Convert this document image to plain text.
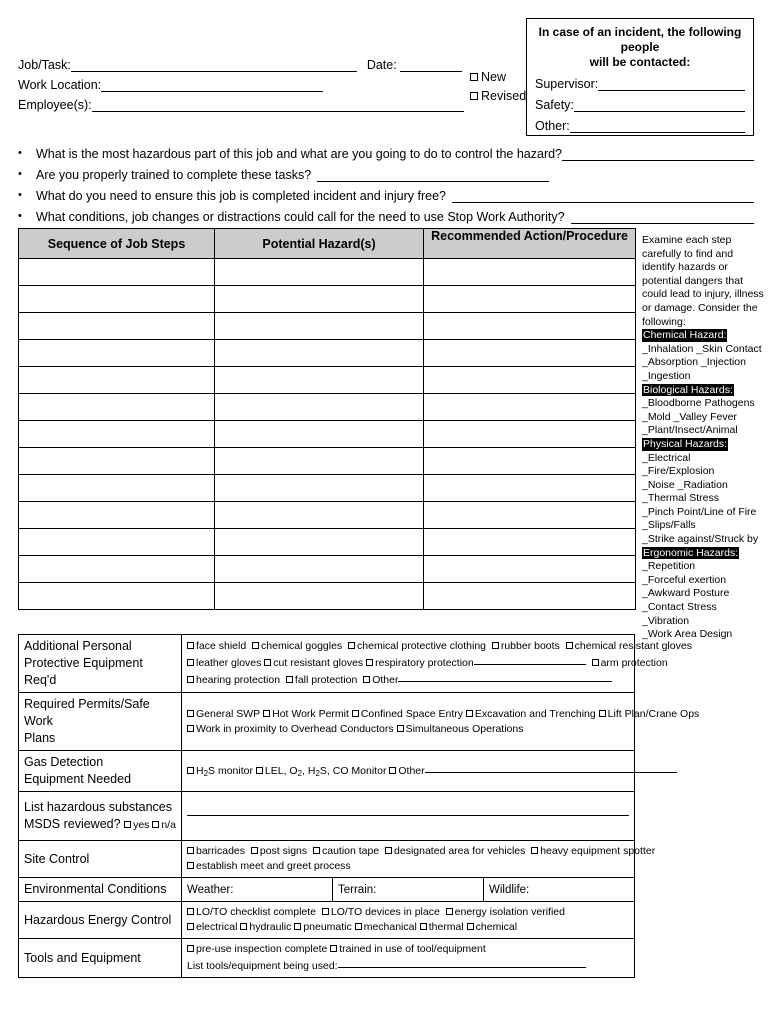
Job/Task:	Date:
Work Location:
Employee(s):
New
Revised
In case of an incident, the following people
will be contacted:
Supervisor:
Safety:
Other:
•	What is the most hazardous part of this job and what are you going to do to control the hazard?
•	Are you properly trained to complete these tasks?
•	What do you need to ensure this job is completed incident and injury free?
•	What conditions, job changes or distractions could call for the need to use Stop Work Authority?
Sequence of Job Steps	Potential Hazard(s)	Recommended Action/Procedure

		Examine each step carefully to find and identify hazards or potential dangers that could lead to injury, illness or damage. Consider the following:
Chemical Hazard:
_Inhalation _Skin Contact
_Absorption _Injection
_Ingestion
Biological Hazards:
_Bloodborne Pathogens
_Mold _Valley Fever
_Plant/Insect/Animal
Physical Hazards:
_Electrical
_Fire/Explosion
_Noise _Radiation
_Thermal Stress
_Pinch Point/Line of Fire
_Slips/Falls
_Strike against/Struck by
Ergonomic Hazards:
_Repetition
_Forceful exertion
_Awkward Posture
_Contact Stress
_Vibration
_Work Area Design
Additional Personal
Protective Equipment Req'd

face shield  chemical goggles  chemical protective clothing  rubber boots  chemical resistant gloves
leather gloves cut resistant gloves respiratory protection	arm protection
hearing protection  fall protection  Other

Required Permits/Safe Work
Plans

General SWP Hot Work Permit Confined Space Entry Excavation and Trenching Lift Plan/Crane Ops
Work in proximity to Overhead Conductors Simultaneous Operations

Gas Detection
Equipment Needed	$H_2S$ monitor LEL, $O_2$, $H_2S$, CO Monitor Other		

List hazardous substances
MSDS reviewed? yes n/a			

Site Control	barricades  post signs  caution tape  designated area for vehicles  heavy equipment spotter
establish meet and greet process		

Environmental Conditions	Weather:	Terrain:	Wildlife:
Hazardous Energy Control	LO/TO checklist complete  LO/TO devices in place  energy isolation verified
electrical hydraulic pneumatic mechanical thermal chemical		

Tools and Equipment	pre-use inspection complete trained in use of tool/equipment
List tools/equipment being used:		
